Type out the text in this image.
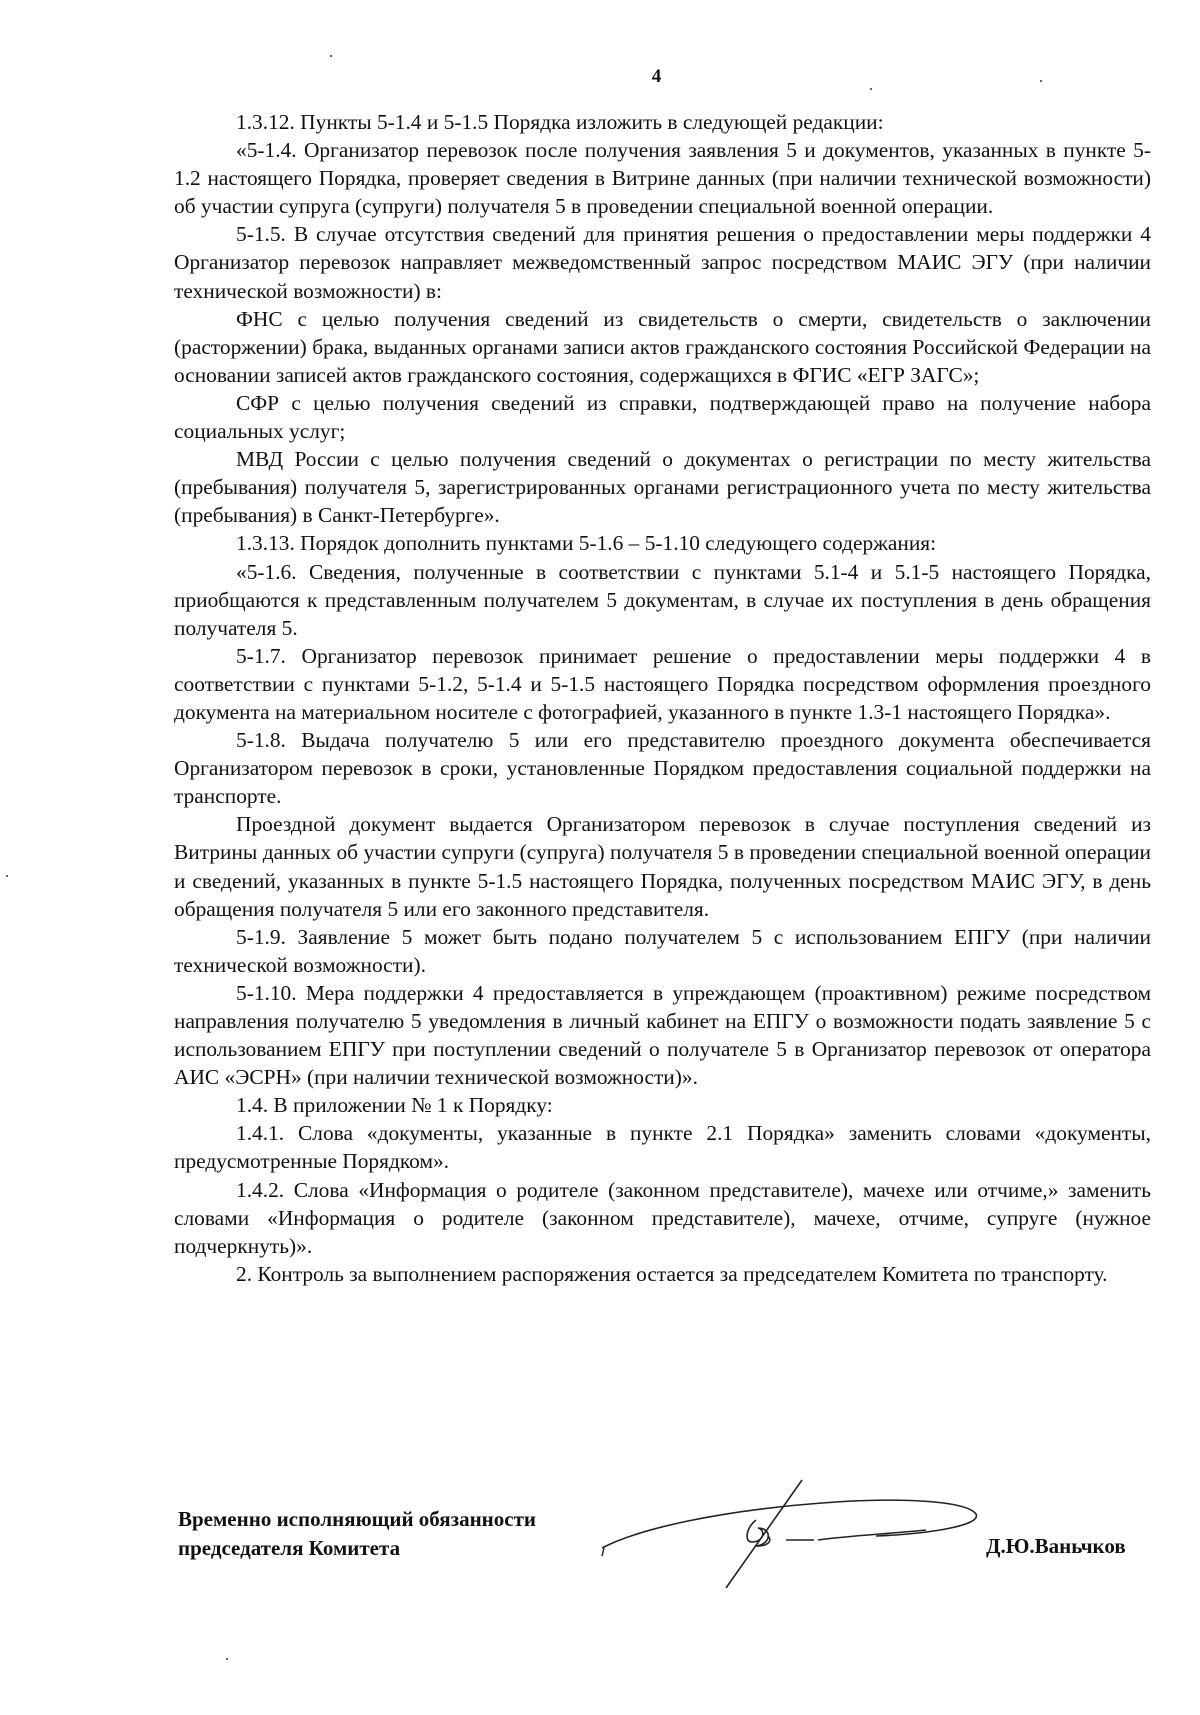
4

1.3.12. Пункты 5-1.4 и 5-1.5 Порядка изложить в следующей редакции:

«5-1.4. Организатор перевозок после получения заявления 5 и документов, указанных в пункте 5-1.2 настоящего Порядка, проверяет сведения в Витрине данных (при наличии технической возможности) об участии супруга (супруги) получателя 5 в проведении специальной военной операции.

5-1.5. В случае отсутствия сведений для принятия решения о предоставлении меры поддержки 4 Организатор перевозок направляет межведомственный запрос посредством МАИС ЭГУ (при наличии технической возможности) в:

ФНС с целью получения сведений из свидетельств о смерти, свидетельств о заключении (расторжении) брака, выданных органами записи актов гражданского состояния Российской Федерации на основании записей актов гражданского состояния, содержащихся в ФГИС «ЕГР ЗАГС»;

СФР с целью получения сведений из справки, подтверждающей право на получение набора социальных услуг;

МВД России с целью получения сведений о документах о регистрации по месту жительства (пребывания) получателя 5, зарегистрированных органами регистрационного учета по месту жительства (пребывания) в Санкт-Петербурге».

1.3.13. Порядок дополнить пунктами 5-1.6 – 5-1.10 следующего содержания:

«5-1.6. Сведения, полученные в соответствии с пунктами 5.1-4 и 5.1-5 настоящего Порядка, приобщаются к представленным получателем 5 документам, в случае их поступления в день обращения получателя 5.

5-1.7. Организатор перевозок принимает решение о предоставлении меры поддержки 4 в соответствии с пунктами 5-1.2, 5-1.4 и 5-1.5 настоящего Порядка посредством оформления проездного документа на материальном носителе с фотографией, указанного в пункте 1.3-1 настоящего Порядка».

5-1.8. Выдача получателю 5 или его представителю проездного документа обеспечивается Организатором перевозок в сроки, установленные Порядком предоставления социальной поддержки на транспорте.

Проездной документ выдается Организатором перевозок в случае поступления сведений из Витрины данных об участии супруги (супруга) получателя 5 в проведении специальной военной операции и сведений, указанных в пункте 5-1.5 настоящего Порядка, полученных посредством МАИС ЭГУ, в день обращения получателя 5 или его законного представителя.

5-1.9. Заявление 5 может быть подано получателем 5 с использованием ЕПГУ (при наличии технической возможности).

5-1.10. Мера поддержки 4 предоставляется в упреждающем (проактивном) режиме посредством направления получателю 5 уведомления в личный кабинет на ЕПГУ о возможности подать заявление 5 с использованием ЕПГУ при поступлении сведений о получателе 5 в Организатор перевозок от оператора АИС «ЭСРН» (при наличии технической возможности)».

1.4. В приложении № 1 к Порядку:

1.4.1. Слова «документы, указанные в пункте 2.1 Порядка» заменить словами «документы, предусмотренные Порядком».

1.4.2. Слова «Информация о родителе (законном представителе), мачехе или отчиме,» заменить словами «Информация о родителе (законном представителе), мачехе, отчиме, супруге (нужное подчеркнуть)».

2. Контроль за выполнением распоряжения остается за председателем Комитета по транспорту.

Временно исполняющий обязанности
председателя Комитета	Д.Ю.Ваньчков
